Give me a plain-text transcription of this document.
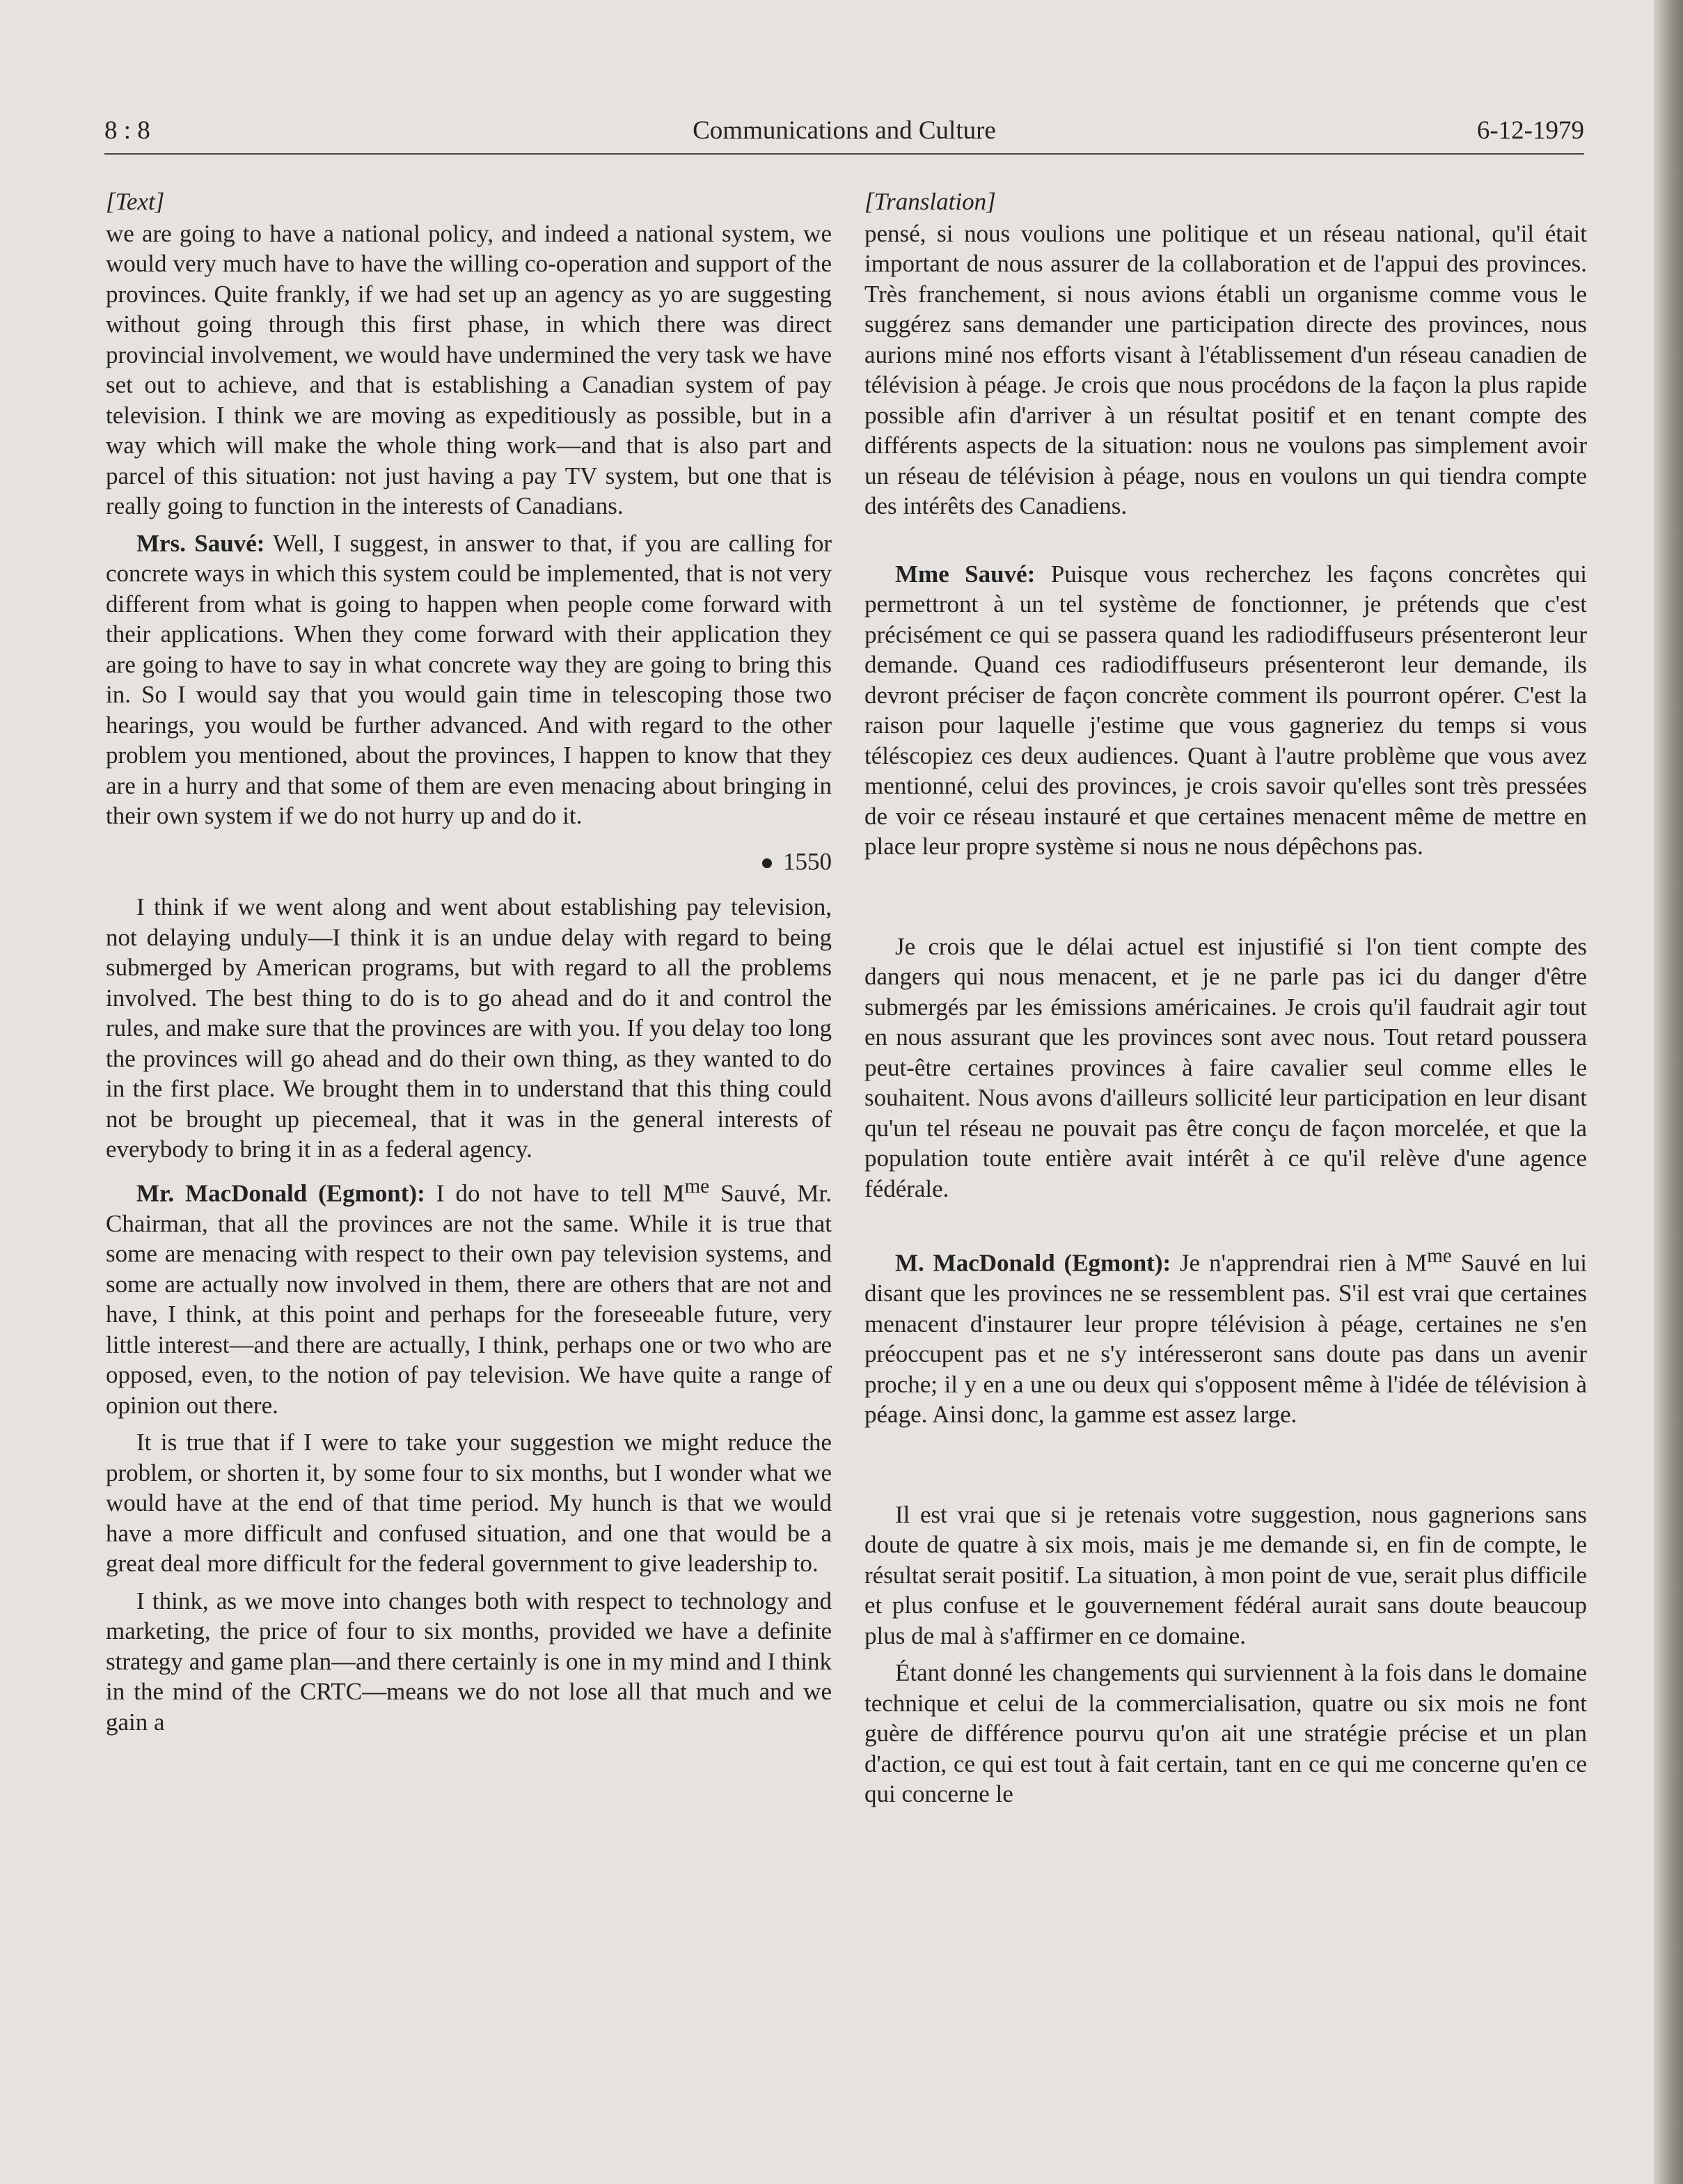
8 : 8	Communications and Culture	6-12-1979
[Text]

we are going to have a national policy, and indeed a national system, we would very much have to have the willing co-operation and support of the provinces. Quite frankly, if we had set up an agency as yo are suggesting without going through this first phase, in which there was direct provincial involvement, we would have undermined the very task we have set out to achieve, and that is establishing a Canadian system of pay television. I think we are moving as expeditiously as possible, but in a way which will make the whole thing work—and that is also part and parcel of this situation: not just having a pay TV system, but one that is really going to function in the interests of Canadians.

Mrs. Sauvé: Well, I suggest, in answer to that, if you are calling for concrete ways in which this system could be implemented, that is not very different from what is going to happen when people come forward with their applications. When they come forward with their application they are going to have to say in what concrete way they are going to bring this in. So I would say that you would gain time in telescoping those two hearings, you would be further advanced. And with regard to the other problem you mentioned, about the provinces, I happen to know that they are in a hurry and that some of them are even menacing about bringing in their own system if we do not hurry up and do it.

1550

I think if we went along and went about establishing pay television, not delaying unduly—I think it is an undue delay with regard to being submerged by American programs, but with regard to all the problems involved. The best thing to do is to go ahead and do it and control the rules, and make sure that the provinces are with you. If you delay too long the provinces will go ahead and do their own thing, as they wanted to do in the first place. We brought them in to understand that this thing could not be brought up piecemeal, that it was in the general interests of everybody to bring it in as a federal agency.

Mr. MacDonald (Egmont): I do not have to tell $M^{me}$ Sauvé, Mr. Chairman, that all the provinces are not the same. While it is true that some are menacing with respect to their own pay television systems, and some are actually now involved in them, there are others that are not and have, I think, at this point and perhaps for the foreseeable future, very little interest—and there are actually, I think, perhaps one or two who are opposed, even, to the notion of pay television. We have quite a range of opinion out there.

It is true that if I were to take your suggestion we might reduce the problem, or shorten it, by some four to six months, but I wonder what we would have at the end of that time period. My hunch is that we would have a more difficult and confused situation, and one that would be a great deal more difficult for the federal government to give leadership to.

I think, as we move into changes both with respect to technology and marketing, the price of four to six months, provided we have a definite strategy and game plan—and there certainly is one in my mind and I think in the mind of the CRTC—means we do not lose all that much and we gain a

[Translation]

pensé, si nous voulions une politique et un réseau national, qu'il était important de nous assurer de la collaboration et de l'appui des provinces. Très franchement, si nous avions établi un organisme comme vous le suggérez sans demander une participation directe des provinces, nous aurions miné nos efforts visant à l'établissement d'un réseau canadien de télévision à péage. Je crois que nous procédons de la façon la plus rapide possible afin d'arriver à un résultat positif et en tenant compte des différents aspects de la situation: nous ne voulons pas simplement avoir un réseau de télévision à péage, nous en voulons un qui tiendra compte des intérêts des Canadiens.

Mme Sauvé: Puisque vous recherchez les façons concrètes qui permettront à un tel système de fonctionner, je prétends que c'est précisément ce qui se passera quand les radiodiffuseurs présenteront leur demande. Quand ces radiodiffuseurs présenteront leur demande, ils devront préciser de façon concrète comment ils pourront opérer. C'est la raison pour laquelle j'estime que vous gagneriez du temps si vous téléscopiez ces deux audiences. Quant à l'autre problème que vous avez mentionné, celui des provinces, je crois savoir qu'elles sont très pressées de voir ce réseau instauré et que certaines menacent même de mettre en place leur propre système si nous ne nous dépêchons pas.

Je crois que le délai actuel est injustifié si l'on tient compte des dangers qui nous menacent, et je ne parle pas ici du danger d'être submergés par les émissions américaines. Je crois qu'il faudrait agir tout en nous assurant que les provinces sont avec nous. Tout retard poussera peut-être certaines provinces à faire cavalier seul comme elles le souhaitent. Nous avons d'ailleurs sollicité leur participation en leur disant qu'un tel réseau ne pouvait pas être conçu de façon morcelée, et que la population toute entière avait intérêt à ce qu'il relève d'une agence fédérale.

M. MacDonald (Egmont): Je n'apprendrai rien à $M^{me}$ Sauvé en lui disant que les provinces ne se ressemblent pas. S'il est vrai que certaines menacent d'instaurer leur propre télévision à péage, certaines ne s'en préoccupent pas et ne s'y intéresseront sans doute pas dans un avenir proche; il y en a une ou deux qui s'opposent même à l'idée de télévision à péage. Ainsi donc, la gamme est assez large.

Il est vrai que si je retenais votre suggestion, nous gagnerions sans doute de quatre à six mois, mais je me demande si, en fin de compte, le résultat serait positif. La situation, à mon point de vue, serait plus difficile et plus confuse et le gouvernement fédéral aurait sans doute beaucoup plus de mal à s'affirmer en ce domaine.

Étant donné les changements qui surviennent à la fois dans le domaine technique et celui de la commercialisation, quatre ou six mois ne font guère de différence pourvu qu'on ait une stratégie précise et un plan d'action, ce qui est tout à fait certain, tant en ce qui me concerne qu'en ce qui concerne le
